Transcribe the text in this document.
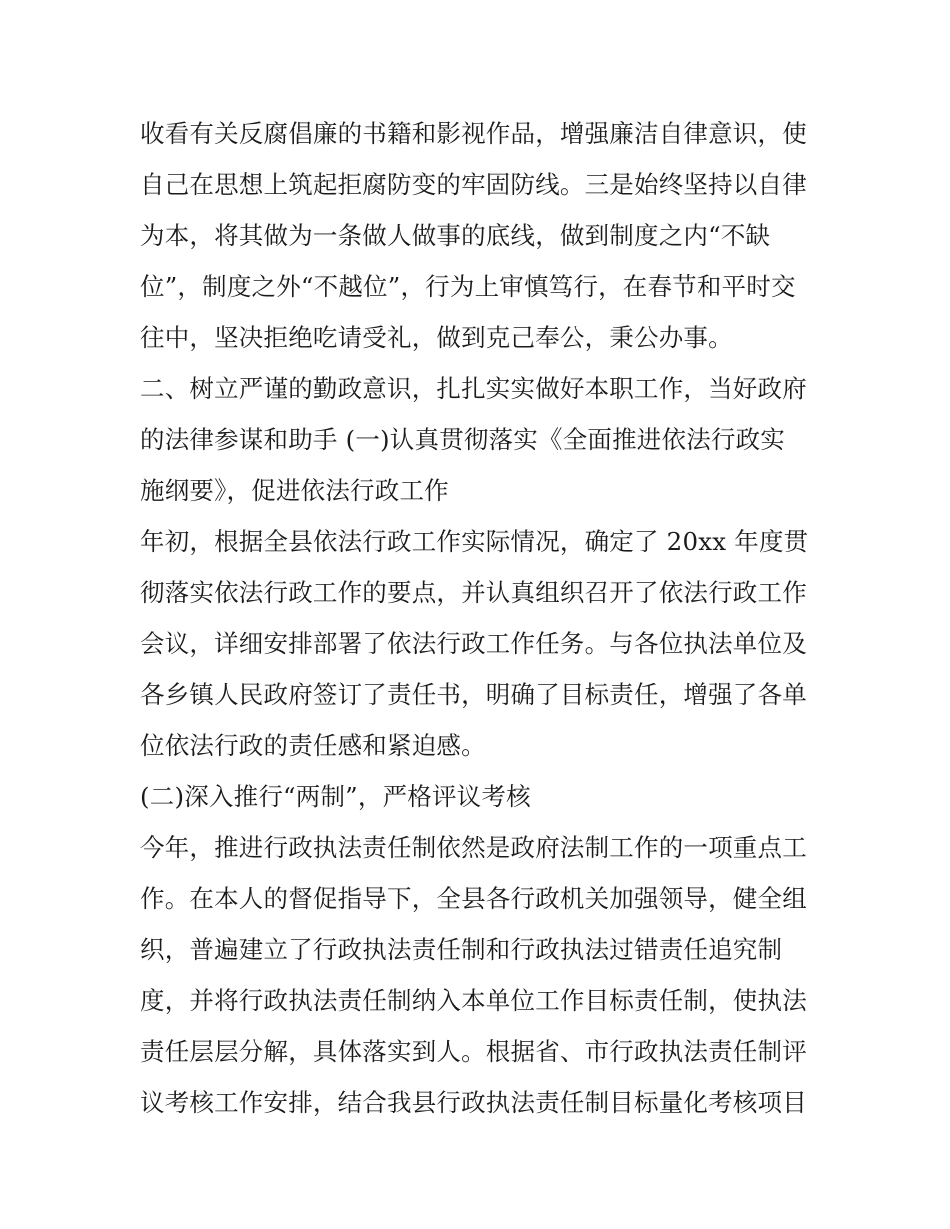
收看有关反腐倡廉的书籍和影视作品，增强廉洁自律意识，使
自己在思想上筑起拒腐防变的牢固防线。三是始终坚持以自律
为本，将其做为一条做人做事的底线，做到制度之内“不缺
位”，制度之外“不越位”，行为上审慎笃行，在春节和平时交
往中，坚决拒绝吃请受礼，做到克己奉公，秉公办事。
二、树立严谨的勤政意识，扎扎实实做好本职工作，当好政府
的法律参谋和助手 (一)认真贯彻落实《全面推进依法行政实
施纲要》，促进依法行政工作
年初，根据全县依法行政工作实际情况，确定了 20xx 年度贯
彻落实依法行政工作的要点，并认真组织召开了依法行政工作
会议，详细安排部署了依法行政工作任务。与各位执法单位及
各乡镇人民政府签订了责任书，明确了目标责任，增强了各单
位依法行政的责任感和紧迫感。
(二)深入推行“两制”，严格评议考核
今年，推进行政执法责任制依然是政府法制工作的一项重点工
作。在本人的督促指导下，全县各行政机关加强领导，健全组
织，普遍建立了行政执法责任制和行政执法过错责任追究制
度，并将行政执法责任制纳入本单位工作目标责任制，使执法
责任层层分解，具体落实到人。根据省、市行政执法责任制评
议考核工作安排，结合我县行政执法责任制目标量化考核项目
